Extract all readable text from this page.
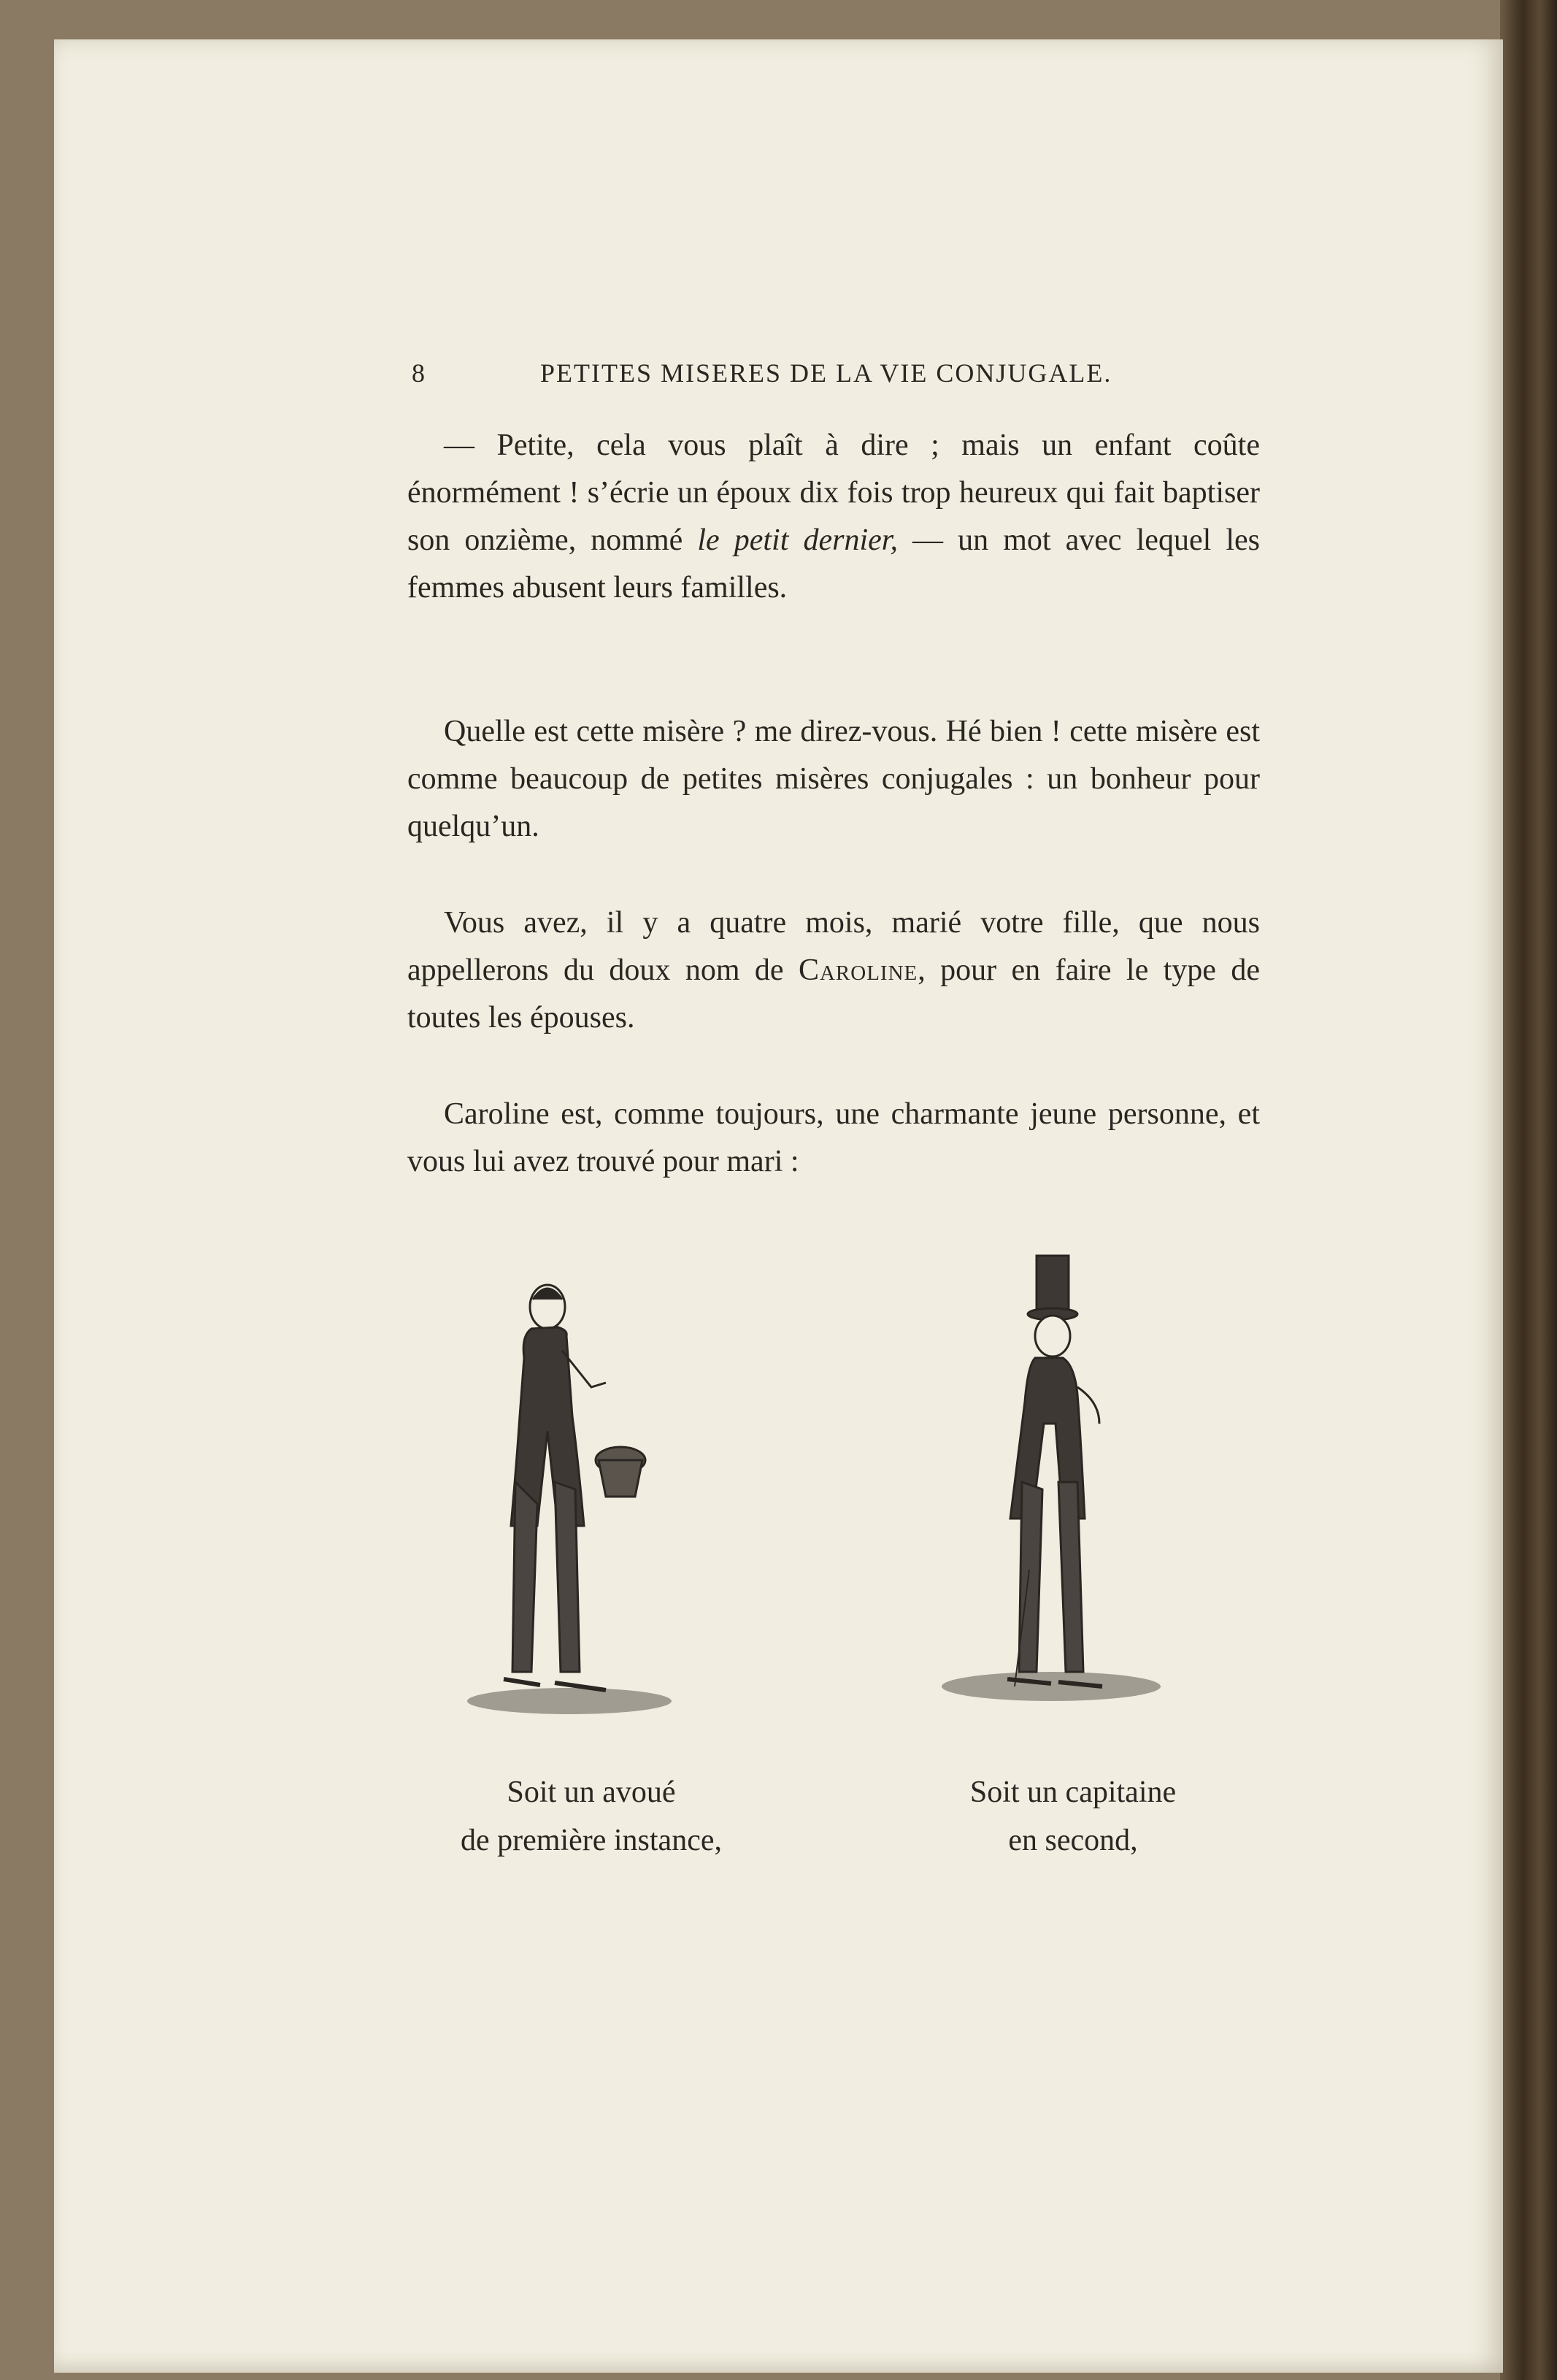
8	PETITES MISERES DE LA VIE CONJUGALE.

— Petite, cela vous plaît à dire ; mais un enfant coûte énormément ! s’écrie un époux dix fois trop heureux qui fait baptiser son onzième, nommé le petit dernier, — un mot avec lequel les femmes abusent leurs familles.

Quelle est cette misère ? me direz-vous. Hé bien ! cette misère est comme beaucoup de petites misères conjugales : un bonheur pour quelqu’un.

Vous avez, il y a quatre mois, marié votre fille, que nous appellerons du doux nom de Caroline, pour en faire le type de toutes les épouses.

Caroline est, comme toujours, une charmante jeune personne, et vous lui avez trouvé pour mari :

Soit un avoué
de première instance,
Soit un capitaine
en second,
